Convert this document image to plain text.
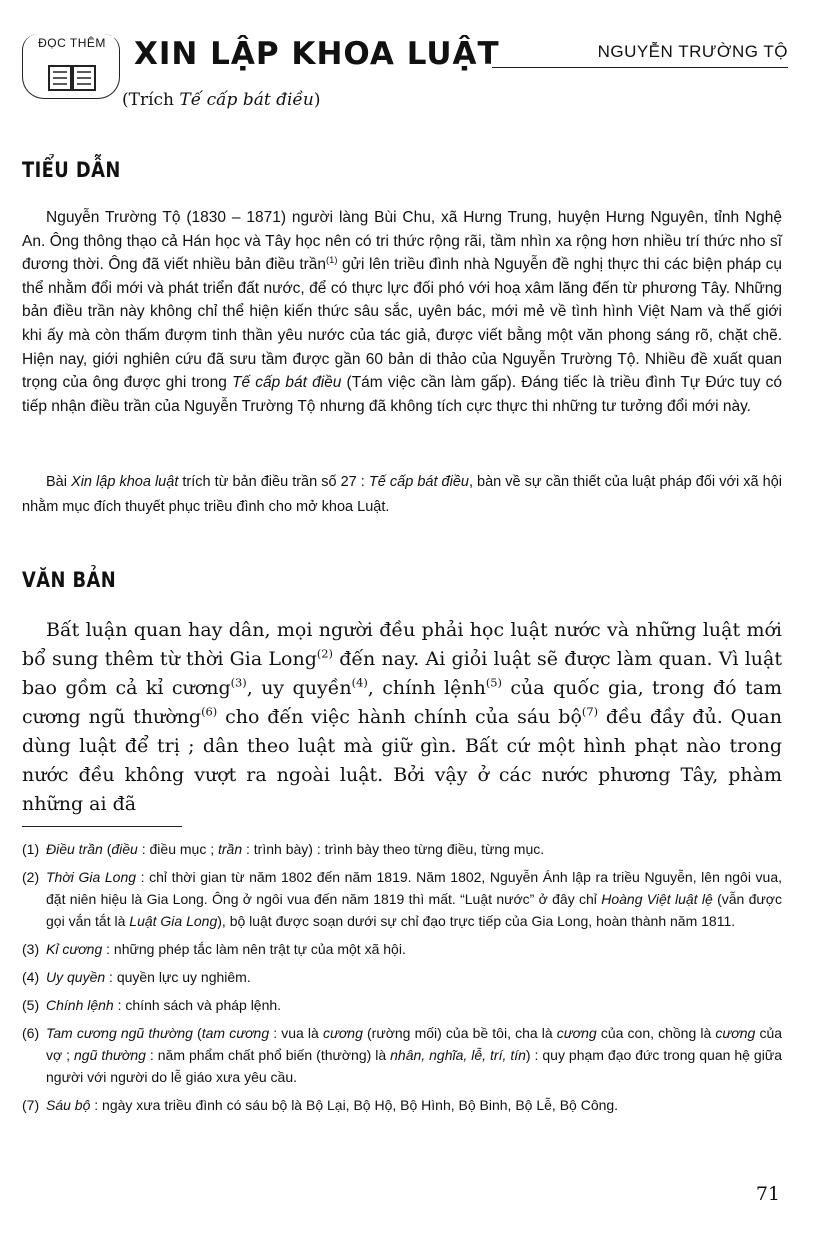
ĐỌC THÊM XIN LẬP KHOA LUẬT	NGUYỄN TRƯỜNG TỘ
(Trích Tế cấp bát điều)
TIỂU DẪN
Nguyễn Trường Tộ (1830 – 1871) người làng Bùi Chu, xã Hưng Trung, huyện Hưng Nguyên, tỉnh Nghệ An. Ông thông thạo cả Hán học và Tây học nên có tri thức rộng rãi, tầm nhìn xa rộng hơn nhiều trí thức nho sĩ đương thời. Ông đã viết nhiều bản điều trần$^{(1)}$ gửi lên triều đình nhà Nguyễn đề nghị thực thi các biện pháp cụ thể nhằm đổi mới và phát triển đất nước, để có thực lực đối phó với hoạ xâm lăng đến từ phương Tây. Những bản điều trần này không chỉ thể hiện kiến thức sâu sắc, uyên bác, mới mẻ về tình hình Việt Nam và thế giới khi ấy mà còn thấm đượm tinh thần yêu nước của tác giả, được viết bằng một văn phong sáng rõ, chặt chẽ. Hiện nay, giới nghiên cứu đã sưu tầm được gần 60 bản di thảo của Nguyễn Trường Tộ. Nhiều đề xuất quan trọng của ông được ghi trong Tế cấp bát điều (Tám việc cần làm gấp). Đáng tiếc là triều đình Tự Đức tuy có tiếp nhận điều trần của Nguyễn Trường Tộ nhưng đã không tích cực thực thi những tư tưởng đổi mới này.
Bài Xin lập khoa luật trích từ bản điều trần số 27 : Tế cấp bát điều, bàn về sự cần thiết của luật pháp đối với xã hội nhằm mục đích thuyết phục triều đình cho mở khoa Luật.
VĂN BẢN
Bất luận quan hay dân, mọi người đều phải học luật nước và những luật mới bổ sung thêm từ thời Gia Long$^{(2)}$ đến nay. Ai giỏi luật sẽ được làm quan. Vì luật bao gồm cả kỉ cương$^{(3)}$, uy quyền$^{(4)}$, chính lệnh$^{(5)}$ của quốc gia, trong đó tam cương ngũ thường$^{(6)}$ cho đến việc hành chính của sáu bộ$^{(7)}$ đều đầy đủ. Quan dùng luật để trị ; dân theo luật mà giữ gìn. Bất cứ một hình phạt nào trong nước đều không vượt ra ngoài luật. Bởi vậy ở các nước phương Tây, phàm những ai đã
(1) Điều trần (điều : điều mục ; trần : trình bày) : trình bày theo từng điều, từng mục.
(2) Thời Gia Long : chỉ thời gian từ năm 1802 đến năm 1819. Năm 1802, Nguyễn Ánh lập ra triều Nguyễn, lên ngôi vua, đặt niên hiệu là Gia Long. Ông ở ngôi vua đến năm 1819 thì mất. “Luật nước” ở đây chỉ Hoàng Việt luật lệ (vẫn được gọi vắn tắt là Luật Gia Long), bộ luật được soạn dưới sự chỉ đạo trực tiếp của Gia Long, hoàn thành năm 1811.
(3) Kỉ cương : những phép tắc làm nên trật tự của một xã hội.
(4) Uy quyền : quyền lực uy nghiêm.
(5) Chính lệnh : chính sách và pháp lệnh.
(6) Tam cương ngũ thường (tam cương : vua là cương (rường mối) của bề tôi, cha là cương của con, chồng là cương của vợ ; ngũ thường : năm phẩm chất phổ biến (thường) là nhân, nghĩa, lễ, trí, tín) : quy phạm đạo đức trong quan hệ giữa người với người do lễ giáo xưa yêu cầu.
(7) Sáu bộ : ngày xưa triều đình có sáu bộ là Bộ Lại, Bộ Hộ, Bộ Hình, Bộ Binh, Bộ Lễ, Bộ Công.
71
